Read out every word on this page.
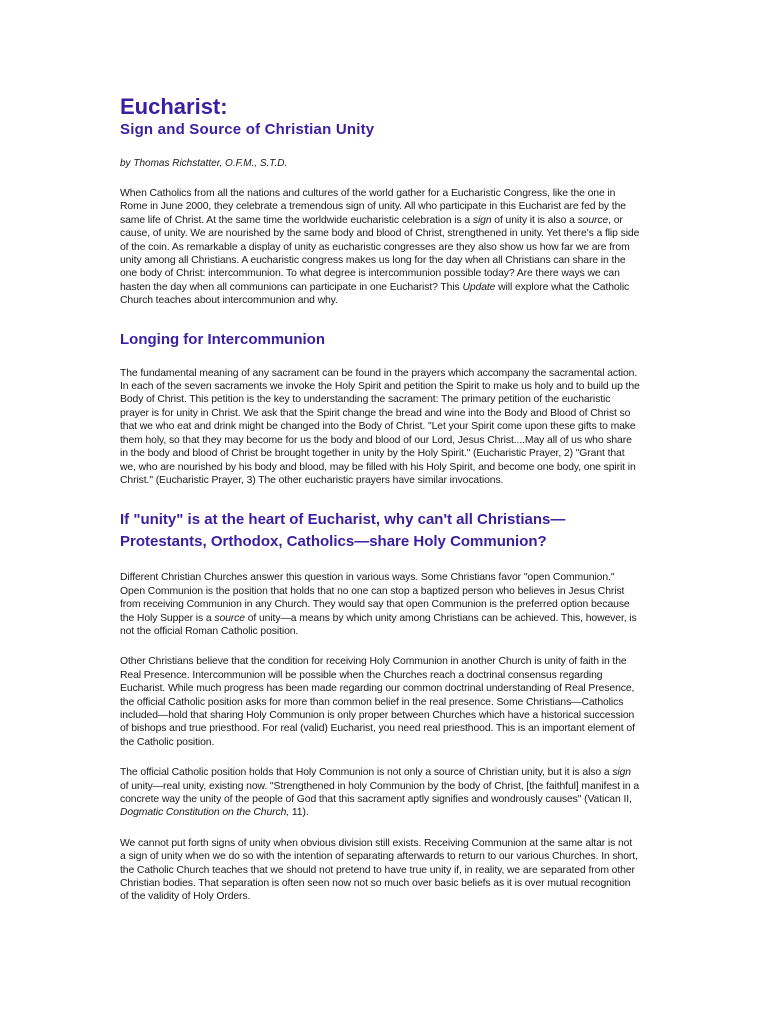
Eucharist:
Sign and Source of Christian Unity
by Thomas Richstatter, O.F.M., S.T.D.

When Catholics from all the nations and cultures of the world gather for a Eucharistic Congress, like the one in Rome in June 2000, they celebrate a tremendous sign of unity. All who participate in this Eucharist are fed by the same life of Christ. At the same time the worldwide eucharistic celebration is a sign of unity it is also a source, or cause, of unity. We are nourished by the same body and blood of Christ, strengthened in unity. Yet there's a flip side of the coin. As remarkable a display of unity as eucharistic congresses are they also show us how far we are from unity among all Christians. A eucharistic congress makes us long for the day when all Christians can share in the one body of Christ: intercommunion. To what degree is intercommunion possible today? Are there ways we can hasten the day when all communions can participate in one Eucharist? This Update will explore what the Catholic Church teaches about intercommunion and why.

Longing for Intercommunion

The fundamental meaning of any sacrament can be found in the prayers which accompany the sacramental action. In each of the seven sacraments we invoke the Holy Spirit and petition the Spirit to make us holy and to build up the Body of Christ. This petition is the key to understanding the sacrament: The primary petition of the eucharistic prayer is for unity in Christ. We ask that the Spirit change the bread and wine into the Body and Blood of Christ so that we who eat and drink might be changed into the Body of Christ. "Let your Spirit come upon these gifts to make them holy, so that they may become for us the body and blood of our Lord, Jesus Christ....May all of us who share in the body and blood of Christ be brought together in unity by the Holy Spirit." (Eucharistic Prayer, 2) "Grant that we, who are nourished by his body and blood, may be filled with his Holy Spirit, and become one body, one spirit in Christ." (Eucharistic Prayer, 3) The other eucharistic prayers have similar invocations.

If "unity" is at the heart of Eucharist, why can't all Christians—Protestants, Orthodox, Catholics—share Holy Communion?

Different Christian Churches answer this question in various ways. Some Christians favor "open Communion." Open Communion is the position that holds that no one can stop a baptized person who believes in Jesus Christ from receiving Communion in any Church. They would say that open Communion is the preferred option because the Holy Supper is a source of unity—a means by which unity among Christians can be achieved. This, however, is not the official Roman Catholic position.

Other Christians believe that the condition for receiving Holy Communion in another Church is unity of faith in the Real Presence. Intercommunion will be possible when the Churches reach a doctrinal consensus regarding Eucharist. While much progress has been made regarding our common doctrinal understanding of Real Presence, the official Catholic position asks for more than common belief in the real presence. Some Christians—Catholics included—hold that sharing Holy Communion is only proper between Churches which have a historical succession of bishops and true priesthood. For real (valid) Eucharist, you need real priesthood. This is an important element of the Catholic position.

The official Catholic position holds that Holy Communion is not only a source of Christian unity, but it is also a sign of unity—real unity, existing now. "Strengthened in holy Communion by the body of Christ, [the faithful] manifest in a concrete way the unity of the people of God that this sacrament aptly signifies and wondrously causes" (Vatican II, Dogmatic Constitution on the Church, 11).

We cannot put forth signs of unity when obvious division still exists. Receiving Communion at the same altar is not a sign of unity when we do so with the intention of separating afterwards to return to our various Churches. In short, the Catholic Church teaches that we should not pretend to have true unity if, in reality, we are separated from other Christian bodies. That separation is often seen now not so much over basic beliefs as it is over mutual recognition of the validity of Holy Orders.
